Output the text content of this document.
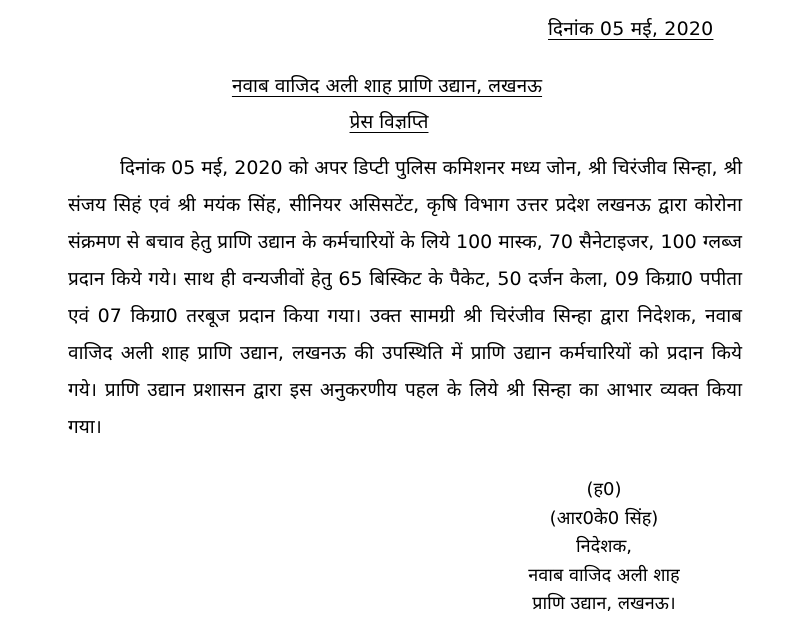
दिनांक 05 मई, 2020
नवाब वाजिद अली शाह प्राणि उद्यान, लखनऊ
प्रेस विज्ञप्ति

दिनांक 05 मई, 2020 को अपर डिप्टी पुलिस कमिशनर मध्य जोन, श्री चिरंजीव सिन्हा, श्री संजय सिहं एवं श्री मयंक सिंह, सीनियर असिसटेंट, कृषि विभाग उत्तर प्रदेश लखनऊ द्वारा कोरोना संक्रमण से बचाव हेतु प्राणि उद्यान के कर्मचारियों के लिये 100 मास्क, 70 सैनेटाइजर, 100 ग्लब्ज प्रदान किये गये। साथ ही वन्यजीवों हेतु 65 बिस्किट के पैकेट, 50 दर्जन केला, 09 किग्रा0 पपीता एवं 07 किग्रा0 तरबूज प्रदान किया गया। उक्त सामग्री श्री चिरंजीव सिन्हा द्वारा निदेशक, नवाब वाजिद अली शाह प्राणि उद्यान, लखनऊ की उपस्थिति में प्राणि उद्यान कर्मचारियों को प्रदान किये गये। प्राणि उद्यान प्रशासन द्वारा इस अनुकरणीय पहल के लिये श्री सिन्हा का आभार व्यक्त किया गया।

(ह0)
(आर0के0 सिंह)
निदेशक,
नवाब वाजिद अली शाह
प्राणि उद्यान, लखनऊ।
